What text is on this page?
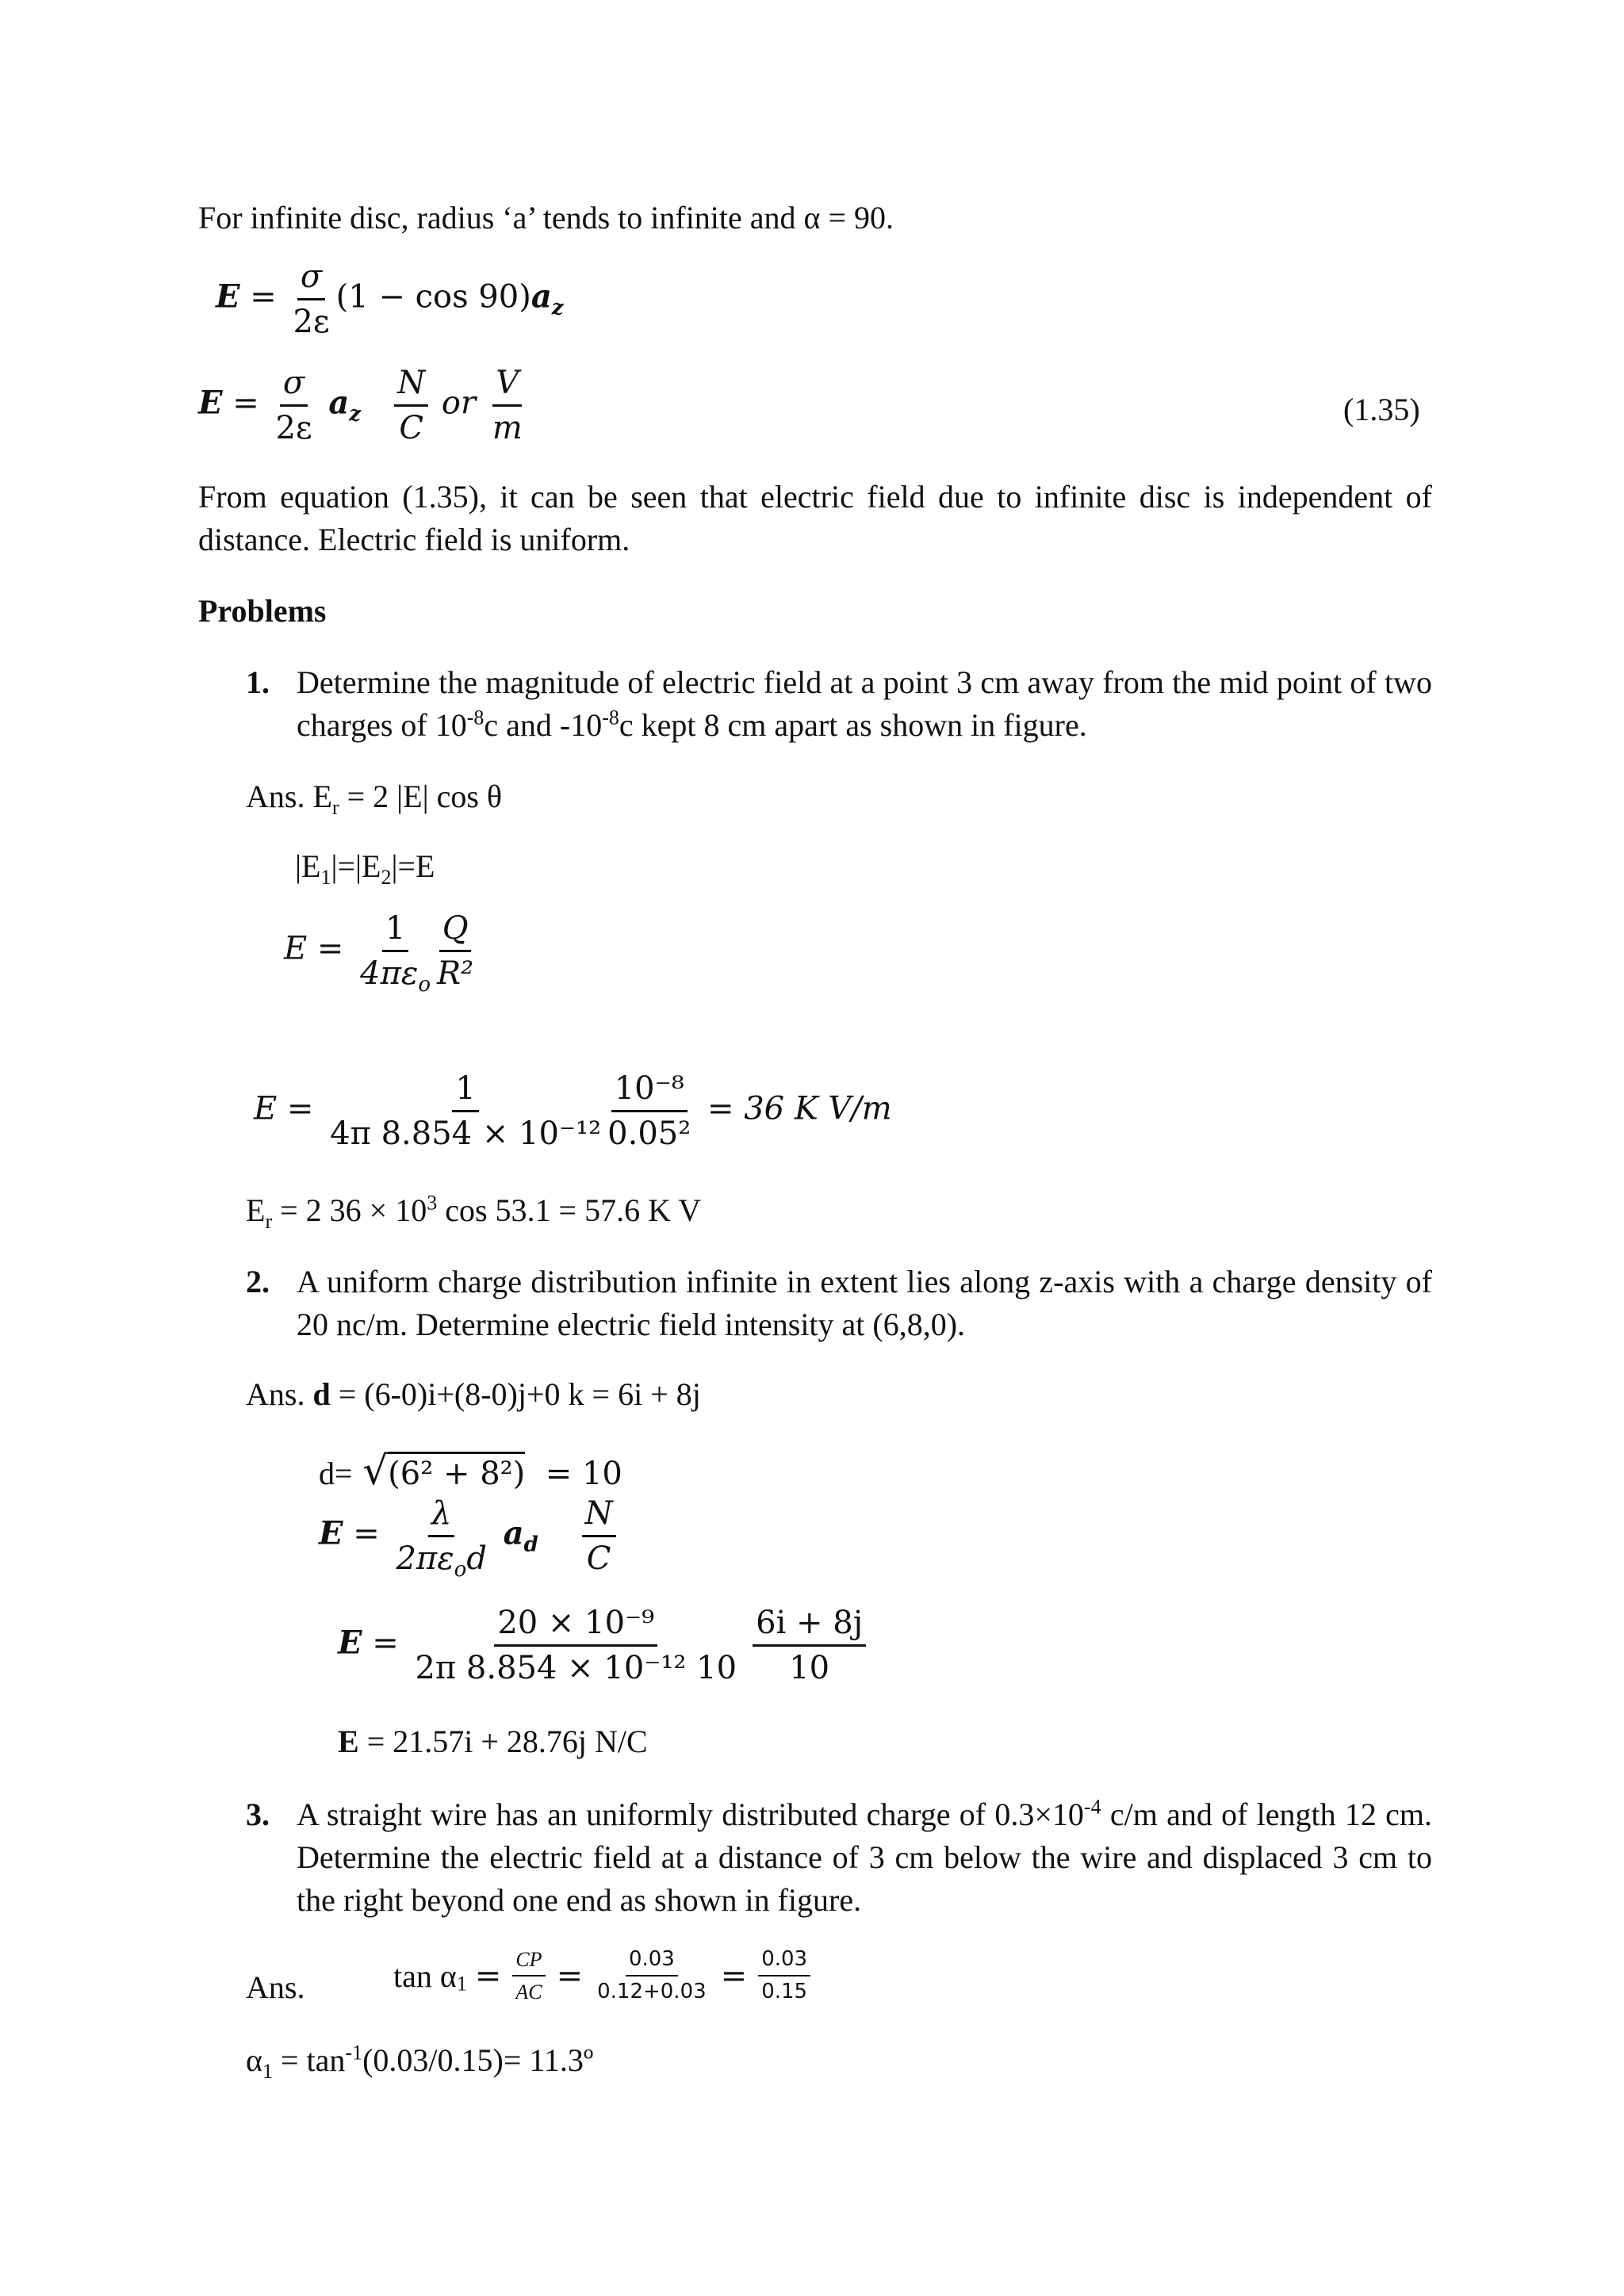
For infinite disc, radius ‘a’ tends to infinite and α = 90.
$E = \frac{\sigma}{2\varepsilon} (1 - \cos 90)a_z$
$E = \frac{\sigma}{2\varepsilon} a_z \frac{N}{C}$ or $\frac{V}{m}$	(1.35)
From equation (1.35), it can be seen that electric field due to infinite disc is independent of distance. Electric field is uniform.
Problems
1. Determine the magnitude of electric field at a point 3 cm away from the mid point of two charges of $10^{-8}c$ and $-10^{-8}c$ kept 8 cm apart as shown in figure.
Ans. $E_r = 2$ |E| cos θ
$|E_1|=|E_2|=E$
$E = \frac{1}{4\pi\varepsilon_o} \frac{Q}{\text{R²}}$
$E = \frac{1}{\text{4π 8.854 × 10⁻¹²}} \frac{\text{10⁻⁸}}{\text{0.05²}} = 36$ K V/m
$E_r = 2$ $36 \times 10^3$ cos 53.1 = 57.6 K V
2. A uniform charge distribution infinite in extent lies along z-axis with a charge density of 20 nc/m. Determine electric field intensity at (6,8,0).
Ans. d = (6-0)i+(8-0)j+0 k = 6i + 8j
d= √(6² + 8²) = 10
$E = \frac{\lambda}{2\pi\varepsilon_od} a_d \frac{N}{C}$
$E = \frac{\text{20 × 10⁻⁹}}{\text{2π 8.854 × 10⁻¹² 10}} \frac{6i + 8j}{10}$
E = 21.57i + 28.76j N/C
3. A straight wire has an uniformly distributed charge of $0.3\times 10^{-4}$ c/m and of length 12 cm. Determine the electric field at a distance of 3 cm below the wire and displaced 3 cm to the right beyond one end as shown in figure.
Ans.	$\tan \alpha_1 = \frac{CP}{AC} = \frac{0.03}{0.12+0.03} = \frac{0.03}{0.15}$
$\alpha_1 = \tan^{-1}(0.03/0.15)=$ 11.3º
